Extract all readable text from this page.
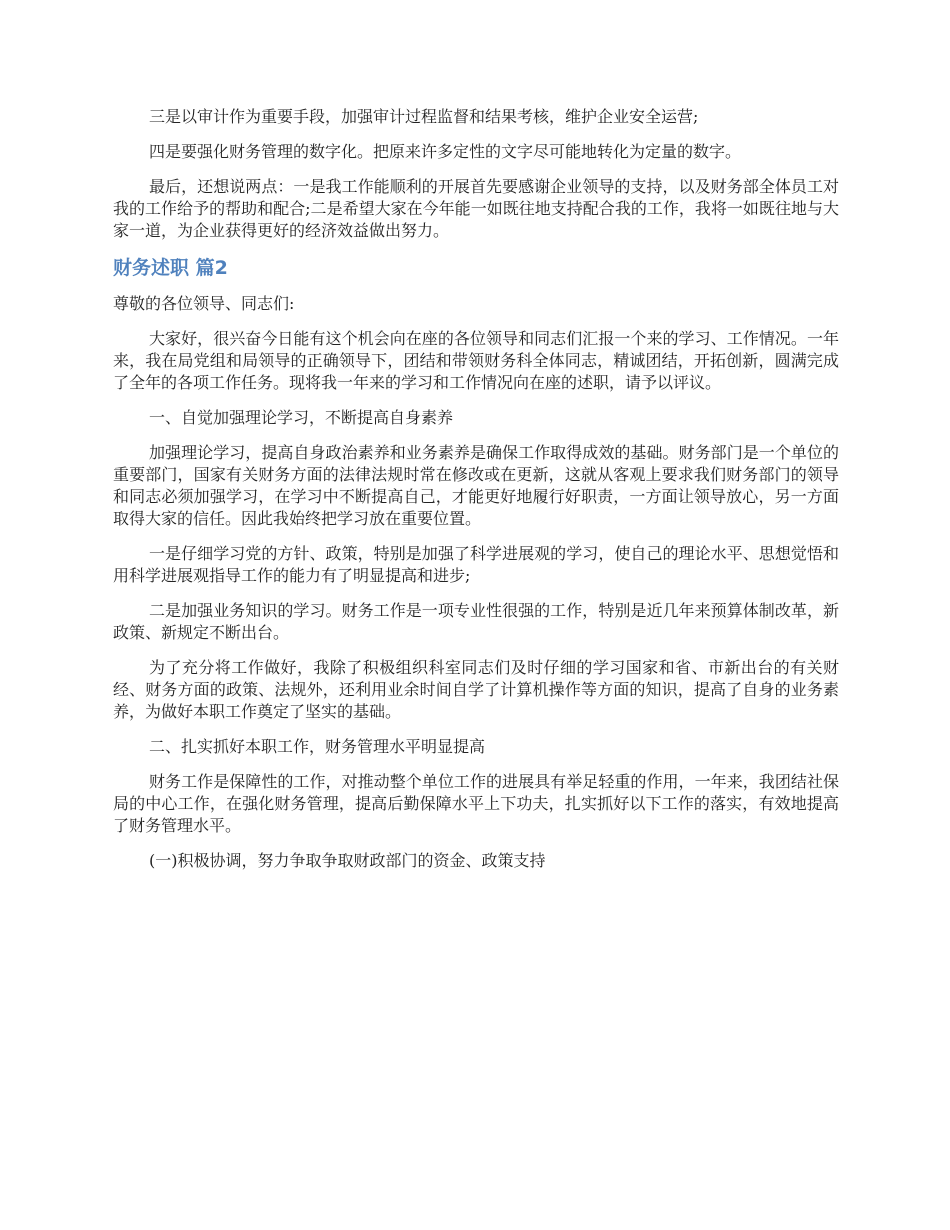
三是以审计作为重要手段，加强审计过程监督和结果考核，维护企业安全运营;

四是要强化财务管理的数字化。把原来许多定性的文字尽可能地转化为定量的数字。

最后，还想说两点：一是我工作能顺利的开展首先要感谢企业领导的支持，以及财务部全体员工对我的工作给予的帮助和配合;二是希望大家在今年能一如既往地支持配合我的工作，我将一如既往地与大家一道，为企业获得更好的经济效益做出努力。

财务述职 篇2

尊敬的各位领导、同志们:

大家好，很兴奋今日能有这个机会向在座的各位领导和同志们汇报一个来的学习、工作情况。一年来，我在局党组和局领导的正确领导下，团结和带领财务科全体同志，精诚团结，开拓创新，圆满完成了全年的各项工作任务。现将我一年来的学习和工作情况向在座的述职，请予以评议。

一、自觉加强理论学习，不断提高自身素养

加强理论学习，提高自身政治素养和业务素养是确保工作取得成效的基础。财务部门是一个单位的重要部门，国家有关财务方面的法律法规时常在修改或在更新，这就从客观上要求我们财务部门的领导和同志必须加强学习，在学习中不断提高自己，才能更好地履行好职责，一方面让领导放心，另一方面取得大家的信任。因此我始终把学习放在重要位置。

一是仔细学习党的方针、政策，特别是加强了科学进展观的学习，使自己的理论水平、思想觉悟和用科学进展观指导工作的能力有了明显提高和进步;

二是加强业务知识的学习。财务工作是一项专业性很强的工作，特别是近几年来预算体制改革，新政策、新规定不断出台。

为了充分将工作做好，我除了积极组织科室同志们及时仔细的学习国家和省、市新出台的有关财经、财务方面的政策、法规外，还利用业余时间自学了计算机操作等方面的知识，提高了自身的业务素养，为做好本职工作奠定了坚实的基础。

二、扎实抓好本职工作，财务管理水平明显提高

财务工作是保障性的工作，对推动整个单位工作的进展具有举足轻重的作用，一年来，我团结社保局的中心工作，在强化财务管理，提高后勤保障水平上下功夫，扎实抓好以下工作的落实，有效地提高了财务管理水平。

(一)积极协调，努力争取争取财政部门的资金、政策支持
